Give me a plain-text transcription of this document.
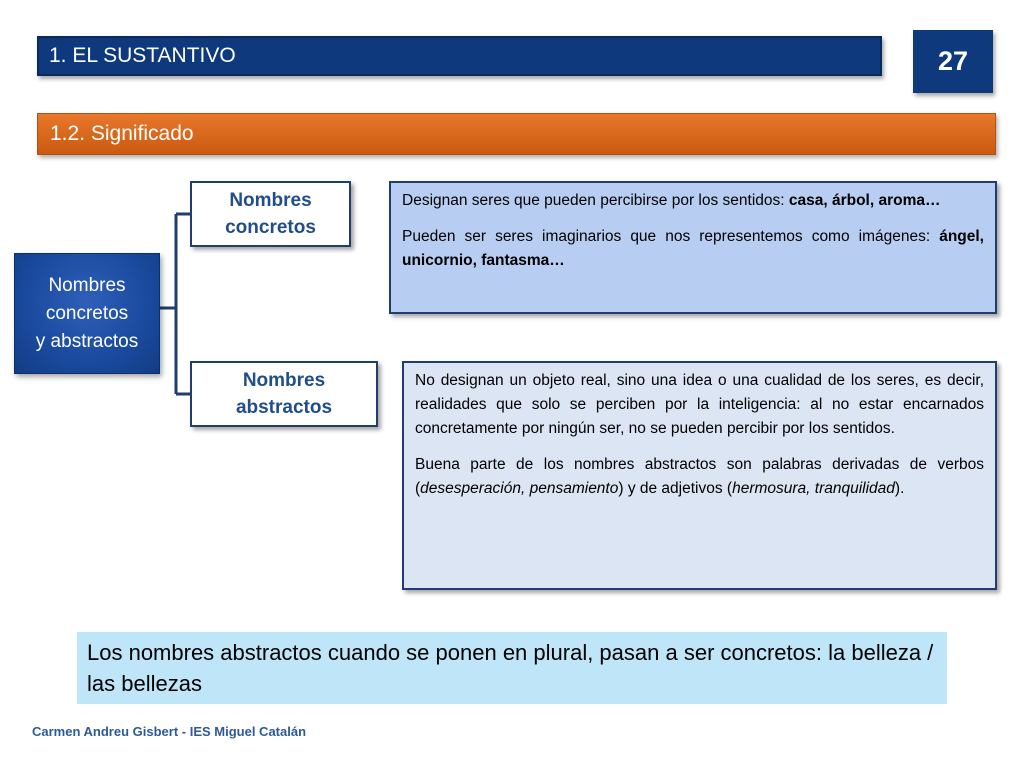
1. EL SUSTANTIVO	27
1.2. Significado
Nombres
concretos
y abstractos
Nombres
concretos

Designan seres que pueden percibirse por los sentidos: casa, árbol, aroma…

Pueden ser seres imaginarios que nos representemos como imágenes: ángel, unicornio, fantasma…

Nombres
abstractos

No designan un objeto real, sino una idea o una cualidad de los seres, es decir, realidades que solo se perciben por la inteligencia: al no estar encarnados concretamente por ningún ser, no se pueden percibir por los sentidos.

Buena parte de los nombres abstractos son palabras derivadas de verbos (desesperación, pensamiento) y de adjetivos (hermosura, tranquilidad).

Los nombres abstractos cuando se ponen en plural, pasan a ser concretos: la belleza / las bellezas
Carmen Andreu Gisbert - IES Miguel Catalán
